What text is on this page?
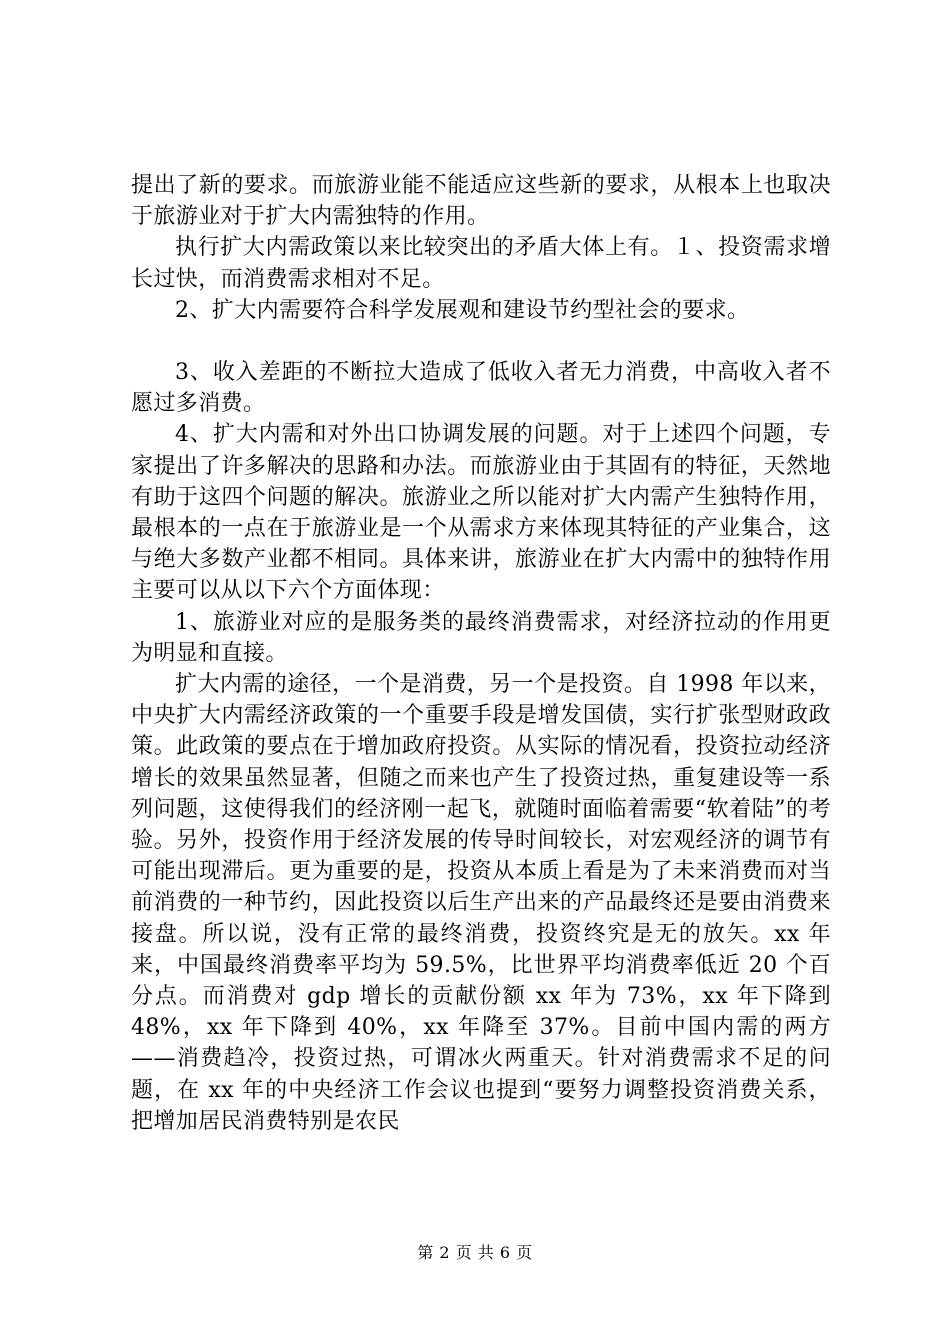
提出了新的要求。而旅游业能不能适应这些新的要求，从根本上也取决于旅游业对于扩大内需独特的作用。

执行扩大内需政策以来比较突出的矛盾大体上有。１、投资需求增长过快，而消费需求相对不足。

2、扩大内需要符合科学发展观和建设节约型社会的要求。

3、收入差距的不断拉大造成了低收入者无力消费，中高收入者不愿过多消费。

4、扩大内需和对外出口协调发展的问题。对于上述四个问题，专家提出了许多解决的思路和办法。而旅游业由于其固有的特征，天然地有助于这四个问题的解决。旅游业之所以能对扩大内需产生独特作用，最根本的一点在于旅游业是一个从需求方来体现其特征的产业集合，这与绝大多数产业都不相同。具体来讲，旅游业在扩大内需中的独特作用主要可以从以下六个方面体现：

1、旅游业对应的是服务类的最终消费需求，对经济拉动的作用更为明显和直接。

扩大内需的途径，一个是消费，另一个是投资。自 1998 年以来，中央扩大内需经济政策的一个重要手段是增发国债，实行扩张型财政政策。此政策的要点在于增加政府投资。从实际的情况看，投资拉动经济增长的效果虽然显著，但随之而来也产生了投资过热，重复建设等一系列问题，这使得我们的经济刚一起飞，就随时面临着需要“软着陆”的考验。另外，投资作用于经济发展的传导时间较长，对宏观经济的调节有可能出现滞后。更为重要的是，投资从本质上看是为了未来消费而对当前消费的一种节约，因此投资以后生产出来的产品最终还是要由消费来接盘。所以说，没有正常的最终消费，投资终究是无的放矢。xx 年来，中国最终消费率平均为 59.5%，比世界平均消费率低近 20 个百分点。而消费对 gdp 增长的贡献份额 xx 年为 73%，xx 年下降到 48%，xx 年下降到 40%，xx 年降至 37%。目前中国内需的两方——消费趋冷，投资过热，可谓冰火两重天。针对消费需求不足的问题，在 xx 年的中央经济工作会议也提到“要努力调整投资消费关系，把增加居民消费特别是农民

第 2 页 共 6 页
